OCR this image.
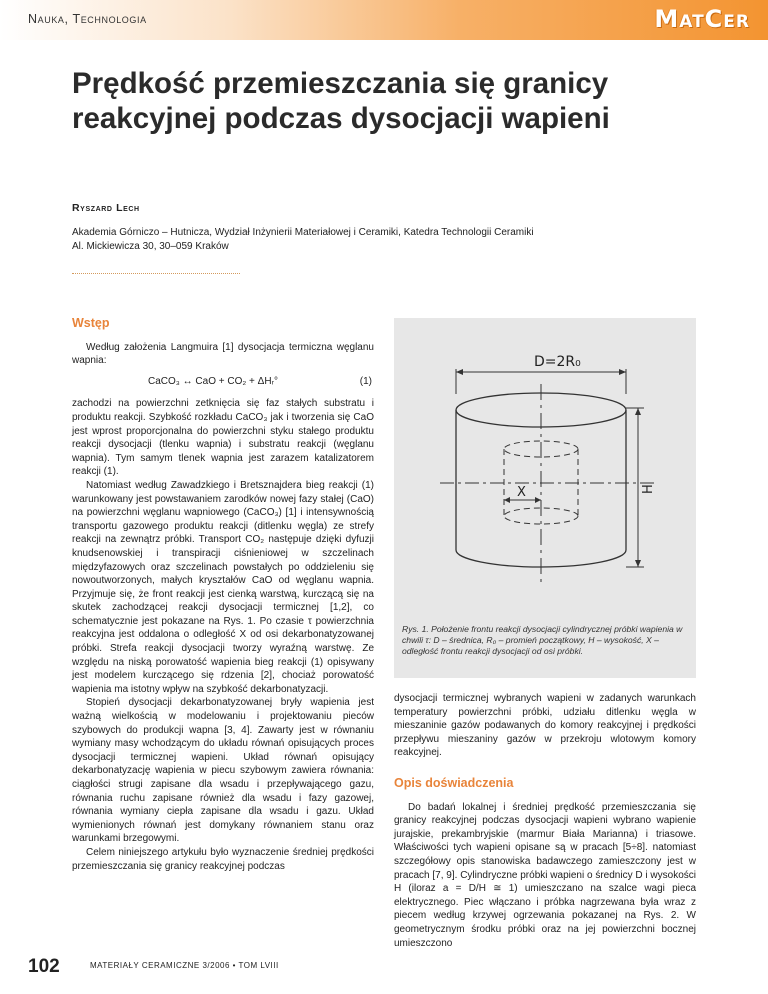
Nauka, Technologia	MatCer
Prędkość przemieszczania się granicy
reakcyjnej podczas dysocjacji wapieni
Ryszard Lech
Akademia Górniczo – Hutnicza, Wydział Inżynierii Materiałowej i Ceramiki, Katedra Technologii Ceramiki
Al. Mickiewicza 30, 30–059 Kraków
Wstęp

Według założenia Langmuira [1] dysocjacja termiczna węglanu wapnia:

CaCO₃ ↔ CaO + CO₂ + ΔHᵣ°	(1)

zachodzi na powierzchni zetknięcia się faz stałych substratu i produktu reakcji. Szybkość rozkładu CaCO₃ jak i tworzenia się CaO jest wprost proporcjonalna do powierzchni styku stałego produktu reakcji dysocjacji (tlenku wapnia) i substratu reakcji (węglanu wapnia). Tym samym tlenek wapnia jest zarazem katalizatorem reakcji (1).

Natomiast według Zawadzkiego i Bretsznajdera bieg reakcji (1) warunkowany jest powstawaniem zarodków nowej fazy stałej (CaO) na powierzchni węglanu wapniowego (CaCO₃) [1] i intensywnością transportu gazowego produktu reakcji (ditlenku węgla) ze strefy reakcji na zewnątrz próbki. Transport CO₂ następuje dzięki dyfuzji knudsenowskiej i transpiracji ciśnieniowej w szczelinach międzyfazowych oraz szczelinach powstałych po oddzieleniu się nowoutworzonych, małych kryształów CaO od węglanu wapnia. Przyjmuje się, że front reakcji jest cienką warstwą, kurczącą się na skutek zachodzącej reakcji dysocjacji termicznej [1,2], co schematycznie jest pokazane na Rys. 1. Po czasie τ powierzchnia reakcyjna jest oddalona o odległość X od osi dekarbonatyzowanej próbki. Strefa reakcji dysocjacji tworzy wyraźną warstwę. Ze względu na niską porowatość wapienia bieg reakcji (1) opisywany jest modelem kurczącego się rdzenia [2], chociaż porowatość wapienia ma istotny wpływ na szybkość dekarbonatyzacji.

Stopień dysocjacji dekarbonatyzowanej bryły wapienia jest ważną wielkością w modelowaniu i projektowaniu pieców szybowych do produkcji wapna [3, 4]. Zawarty jest w równaniu wymiany masy wchodzącym do układu równań opisujących proces dysocjacji termicznej wapieni. Układ równań opisujący dekarbonatyzację wapienia w piecu szybowym zawiera równania: ciągłości strugi zapisane dla wsadu i przepływającego gazu, równania ruchu zapisane również dla wsadu i fazy gazowej, równania wymiany ciepła zapisane dla wsadu i gazu. Układ wymienionych równań jest domykany równaniem stanu oraz warunkami brzegowymi.

Celem niniejszego artykułu było wyznaczenie średniej prędkości przemieszczania się granicy reakcyjnej podczas

D=2R₀
H
X
Rys. 1. Położenie frontu reakcji dysocjacji cylindrycznej próbki wapienia w chwili τ: D – średnica, R₀ – promień początkowy, H – wysokość, X – odległość frontu reakcji dysocjacji od osi próbki.

dysocjacji termicznej wybranych wapieni w zadanych warunkach temperatury powierzchni próbki, udziału ditlenku węgla w mieszaninie gazów podawanych do komory reakcyjnej i prędkości przepływu mieszaniny gazów w przekroju wlotowym komory reakcyjnej.

Opis doświadczenia

Do badań lokalnej i średniej prędkość przemieszczania się granicy reakcyjnej podczas dysocjacji wapieni wybrano wapienie jurajskie, prekambryjskie (marmur Biała Marianna) i triasowe. Właściwości tych wapieni opisane są w pracach [5÷8]. natomiast szczegółowy opis stanowiska badawczego zamieszczony jest w pracach [7, 9]. Cylindryczne próbki wapieni o średnicy D i wysokości H (iloraz a = D/H ≅ 1) umieszczano na szalce wagi pieca elektrycznego. Piec włączano i próbka nagrzewana była wraz z piecem według krzywej ogrzewania pokazanej na Rys. 2. W geometrycznym środku próbki oraz na jej powierzchni bocznej umieszczono

102	MATERIAŁY CERAMICZNE 3/2006 • TOM LVIII
